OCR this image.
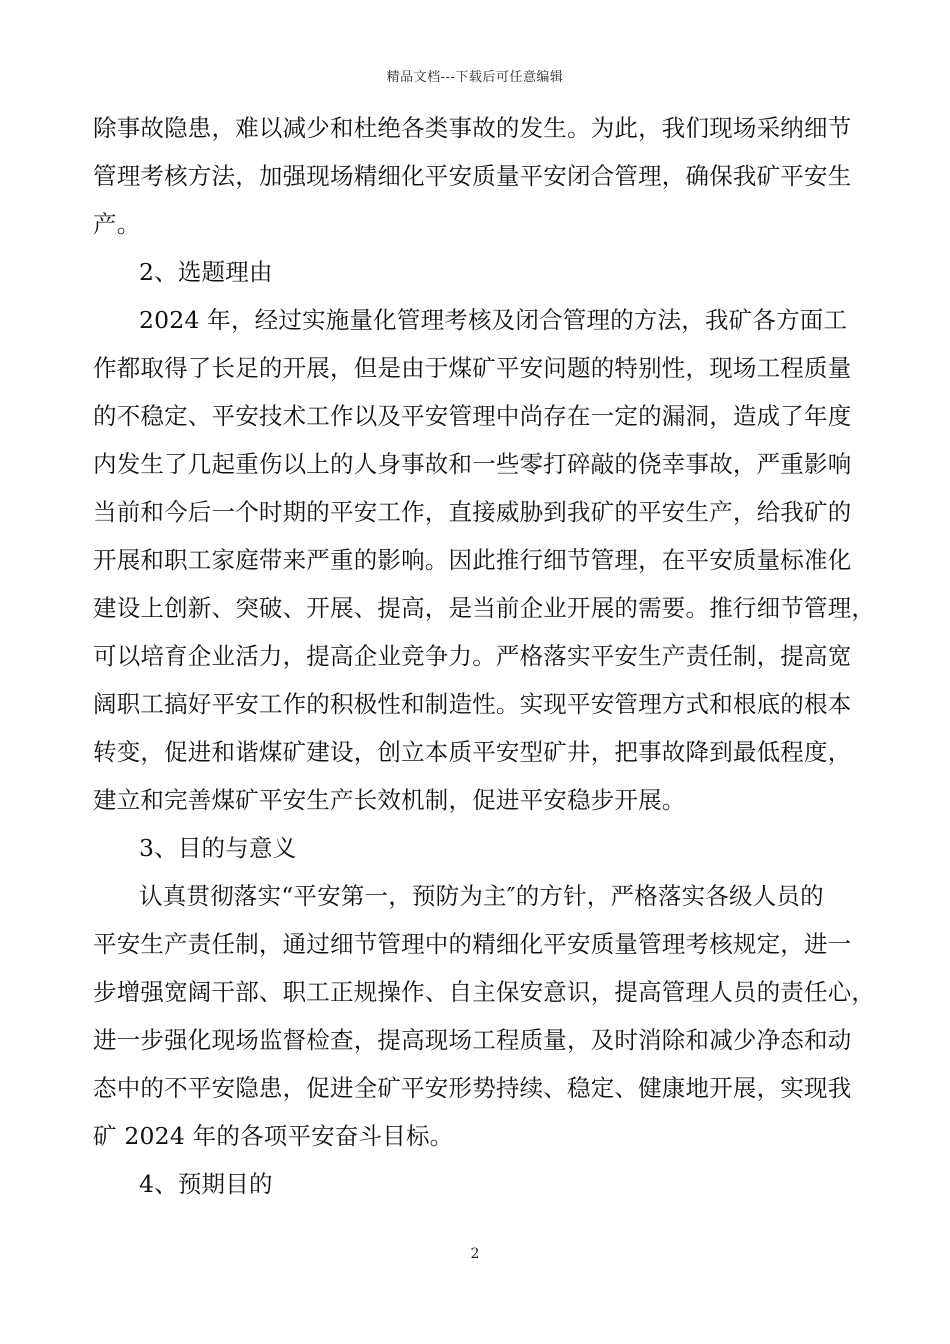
精品文档---下载后可任意编辑
除事故隐患，难以减少和杜绝各类事故的发生。为此，我们现场采纳细节
管理考核方法，加强现场精细化平安质量平安闭合管理，确保我矿平安生
产。
2、选题理由
2024 年，经过实施量化管理考核及闭合管理的方法，我矿各方面工
作都取得了长足的开展，但是由于煤矿平安问题的特别性，现场工程质量
的不稳定、平安技术工作以及平安管理中尚存在一定的漏洞，造成了年度
内发生了几起重伤以上的人身事故和一些零打碎敲的侥幸事故，严重影响
当前和今后一个时期的平安工作，直接威胁到我矿的平安生产，给我矿的
开展和职工家庭带来严重的影响。因此推行细节管理，在平安质量标准化
建设上创新、突破、开展、提高，是当前企业开展的需要。推行细节管理，
可以培育企业活力，提高企业竞争力。严格落实平安生产责任制，提高宽
阔职工搞好平安工作的积极性和制造性。实现平安管理方式和根底的根本
转变，促进和谐煤矿建设，创立本质平安型矿井，把事故降到最低程度，
建立和完善煤矿平安生产长效机制，促进平安稳步开展。
3、目的与意义
认真贯彻落实“平安第一，预防为主″的方针，严格落实各级人员的
平安生产责任制，通过细节管理中的精细化平安质量管理考核规定，进一
步增强宽阔干部、职工正规操作、自主保安意识，提高管理人员的责任心，
进一步强化现场监督检查，提高现场工程质量，及时消除和减少净态和动
态中的不平安隐患，促进全矿平安形势持续、稳定、健康地开展，实现我
矿 2024 年的各项平安奋斗目标。
4、预期目的
2
